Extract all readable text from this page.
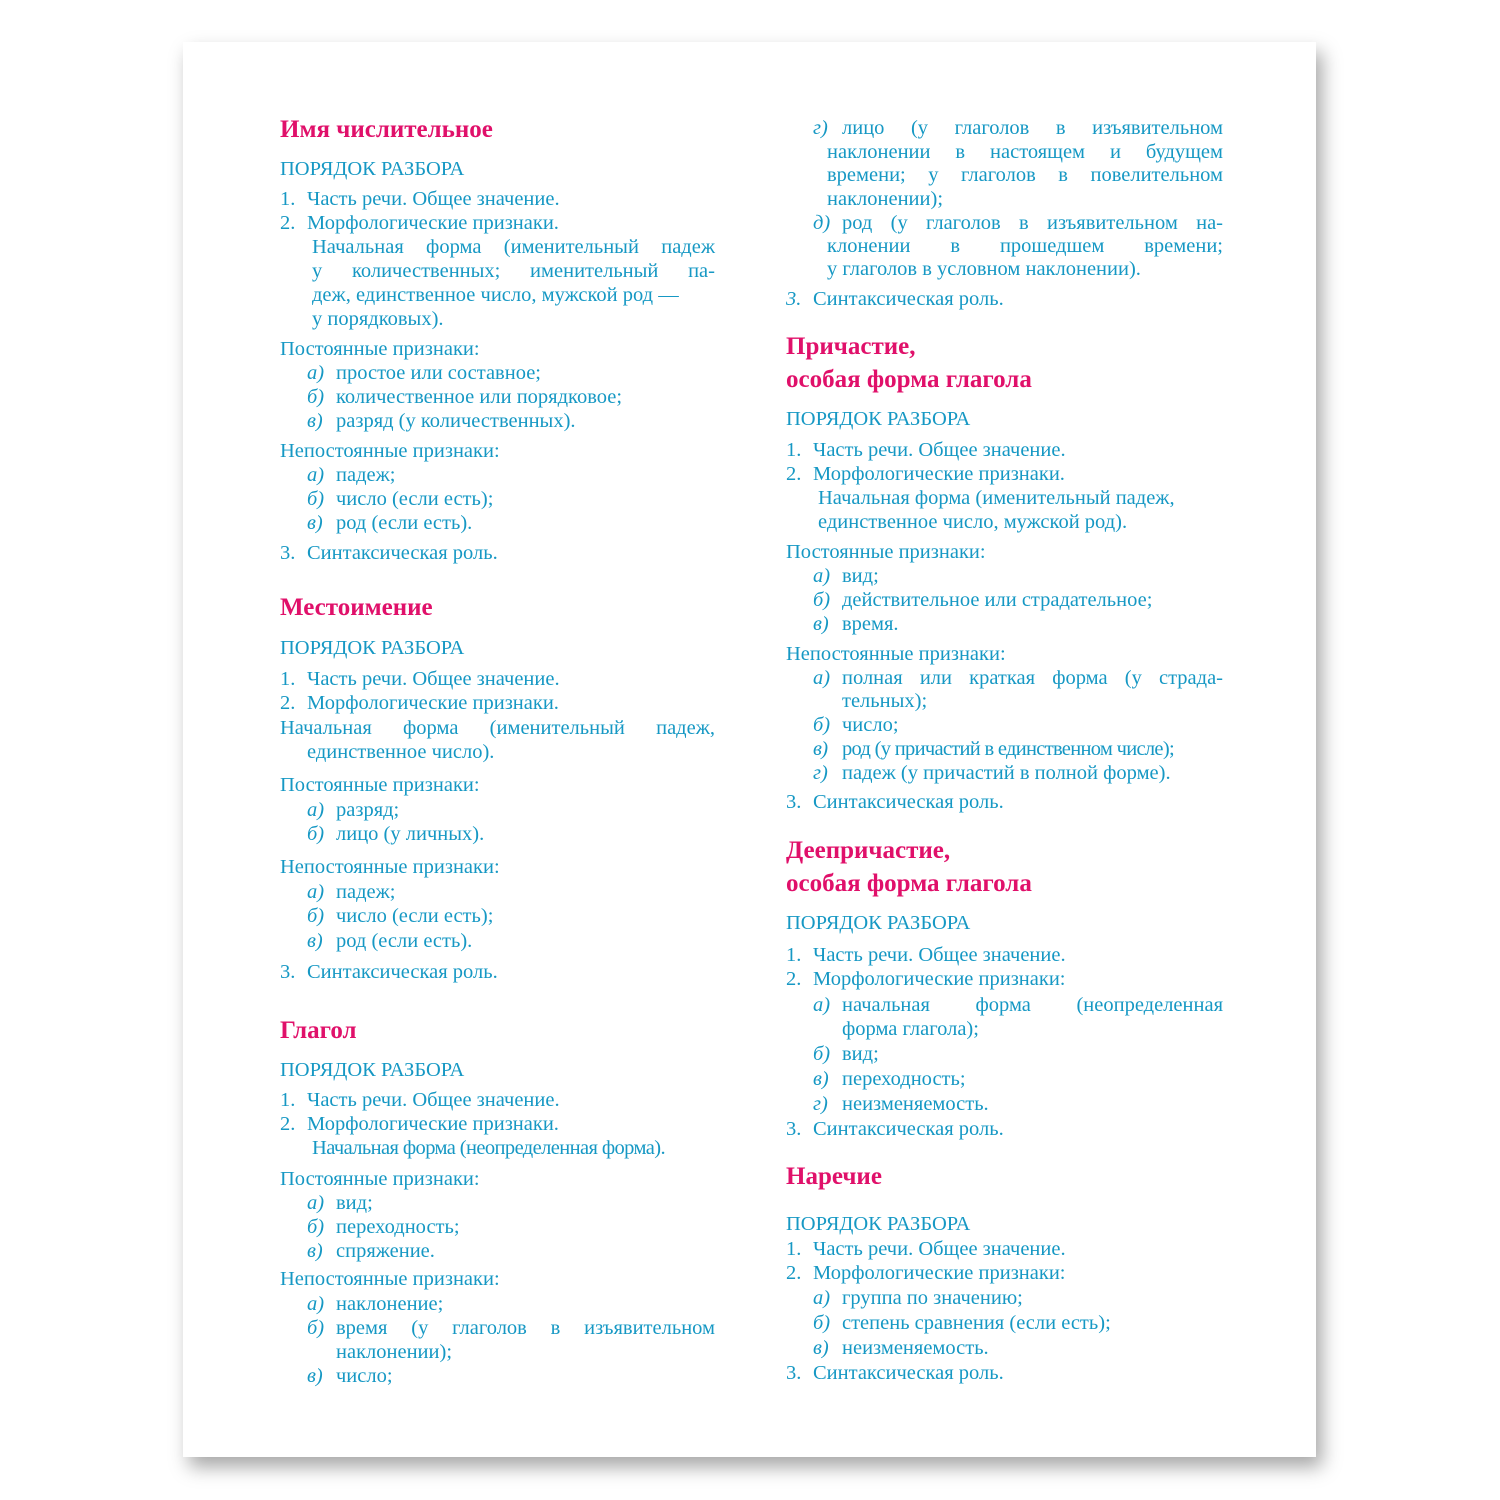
Имя числительное
ПОРЯДОК РАЗБОРА
1. Часть речи. Общее значение.
2. Морфологические признаки.
Начальная форма (именительный падеж
у количественных; именительный па-
деж, единственное число, мужской род —
у порядковых).
Постоянные признаки:
а) простое или составное;
б) количественное или порядковое;
в) разряд (у количественных).
Непостоянные признаки:
а) падеж;
б) число (если есть);
в) род (если есть).
3. Синтаксическая роль.
Местоимение
ПОРЯДОК РАЗБОРА
1. Часть речи. Общее значение.
2. Морфологические признаки.
Начальная форма (именительный падеж,
единственное число).
Постоянные признаки:
а) разряд;
б) лицо (у личных).
Непостоянные признаки:
а) падеж;
б) число (если есть);
в) род (если есть).
3. Синтаксическая роль.
Глагол
ПОРЯДОК РАЗБОРА
1. Часть речи. Общее значение.
2. Морфологические признаки.
Начальная форма (неопределенная форма).
Постоянные признаки:
а) вид;
б) переходность;
в) спряжение.
Непостоянные признаки:
а) наклонение;
б) время (у глаголов в изъявительном
наклонении);
в) число;
г) лицо (у глаголов в изъявительном
наклонении в настоящем и будущем
времени; у глаголов в повелительном
наклонении);
д) род (у глаголов в изъявительном на-
клонении в прошедшем времени;
у глаголов в условном наклонении).
3. Синтаксическая роль.
Причастие,
особая форма глагола
ПОРЯДОК РАЗБОРА
1. Часть речи. Общее значение.
2. Морфологические признаки.
Начальная форма (именительный падеж,
единственное число, мужской род).
Постоянные признаки:
а) вид;
б) действительное или страдательное;
в) время.
Непостоянные признаки:
а) полная или краткая форма (у страда-
тельных);
б) число;
в) род (у причастий в единственном числе);
г) падеж (у причастий в полной форме).
3. Синтаксическая роль.
Деепричастие,
особая форма глагола
ПОРЯДОК РАЗБОРА
1. Часть речи. Общее значение.
2. Морфологические признаки:
а) начальная форма (неопределенная
форма глагола);
б) вид;
в) переходность;
г) неизменяемость.
3. Синтаксическая роль.
Наречие
ПОРЯДОК РАЗБОРА
1. Часть речи. Общее значение.
2. Морфологические признаки:
а) группа по значению;
б) степень сравнения (если есть);
в) неизменяемость.
3. Синтаксическая роль.
